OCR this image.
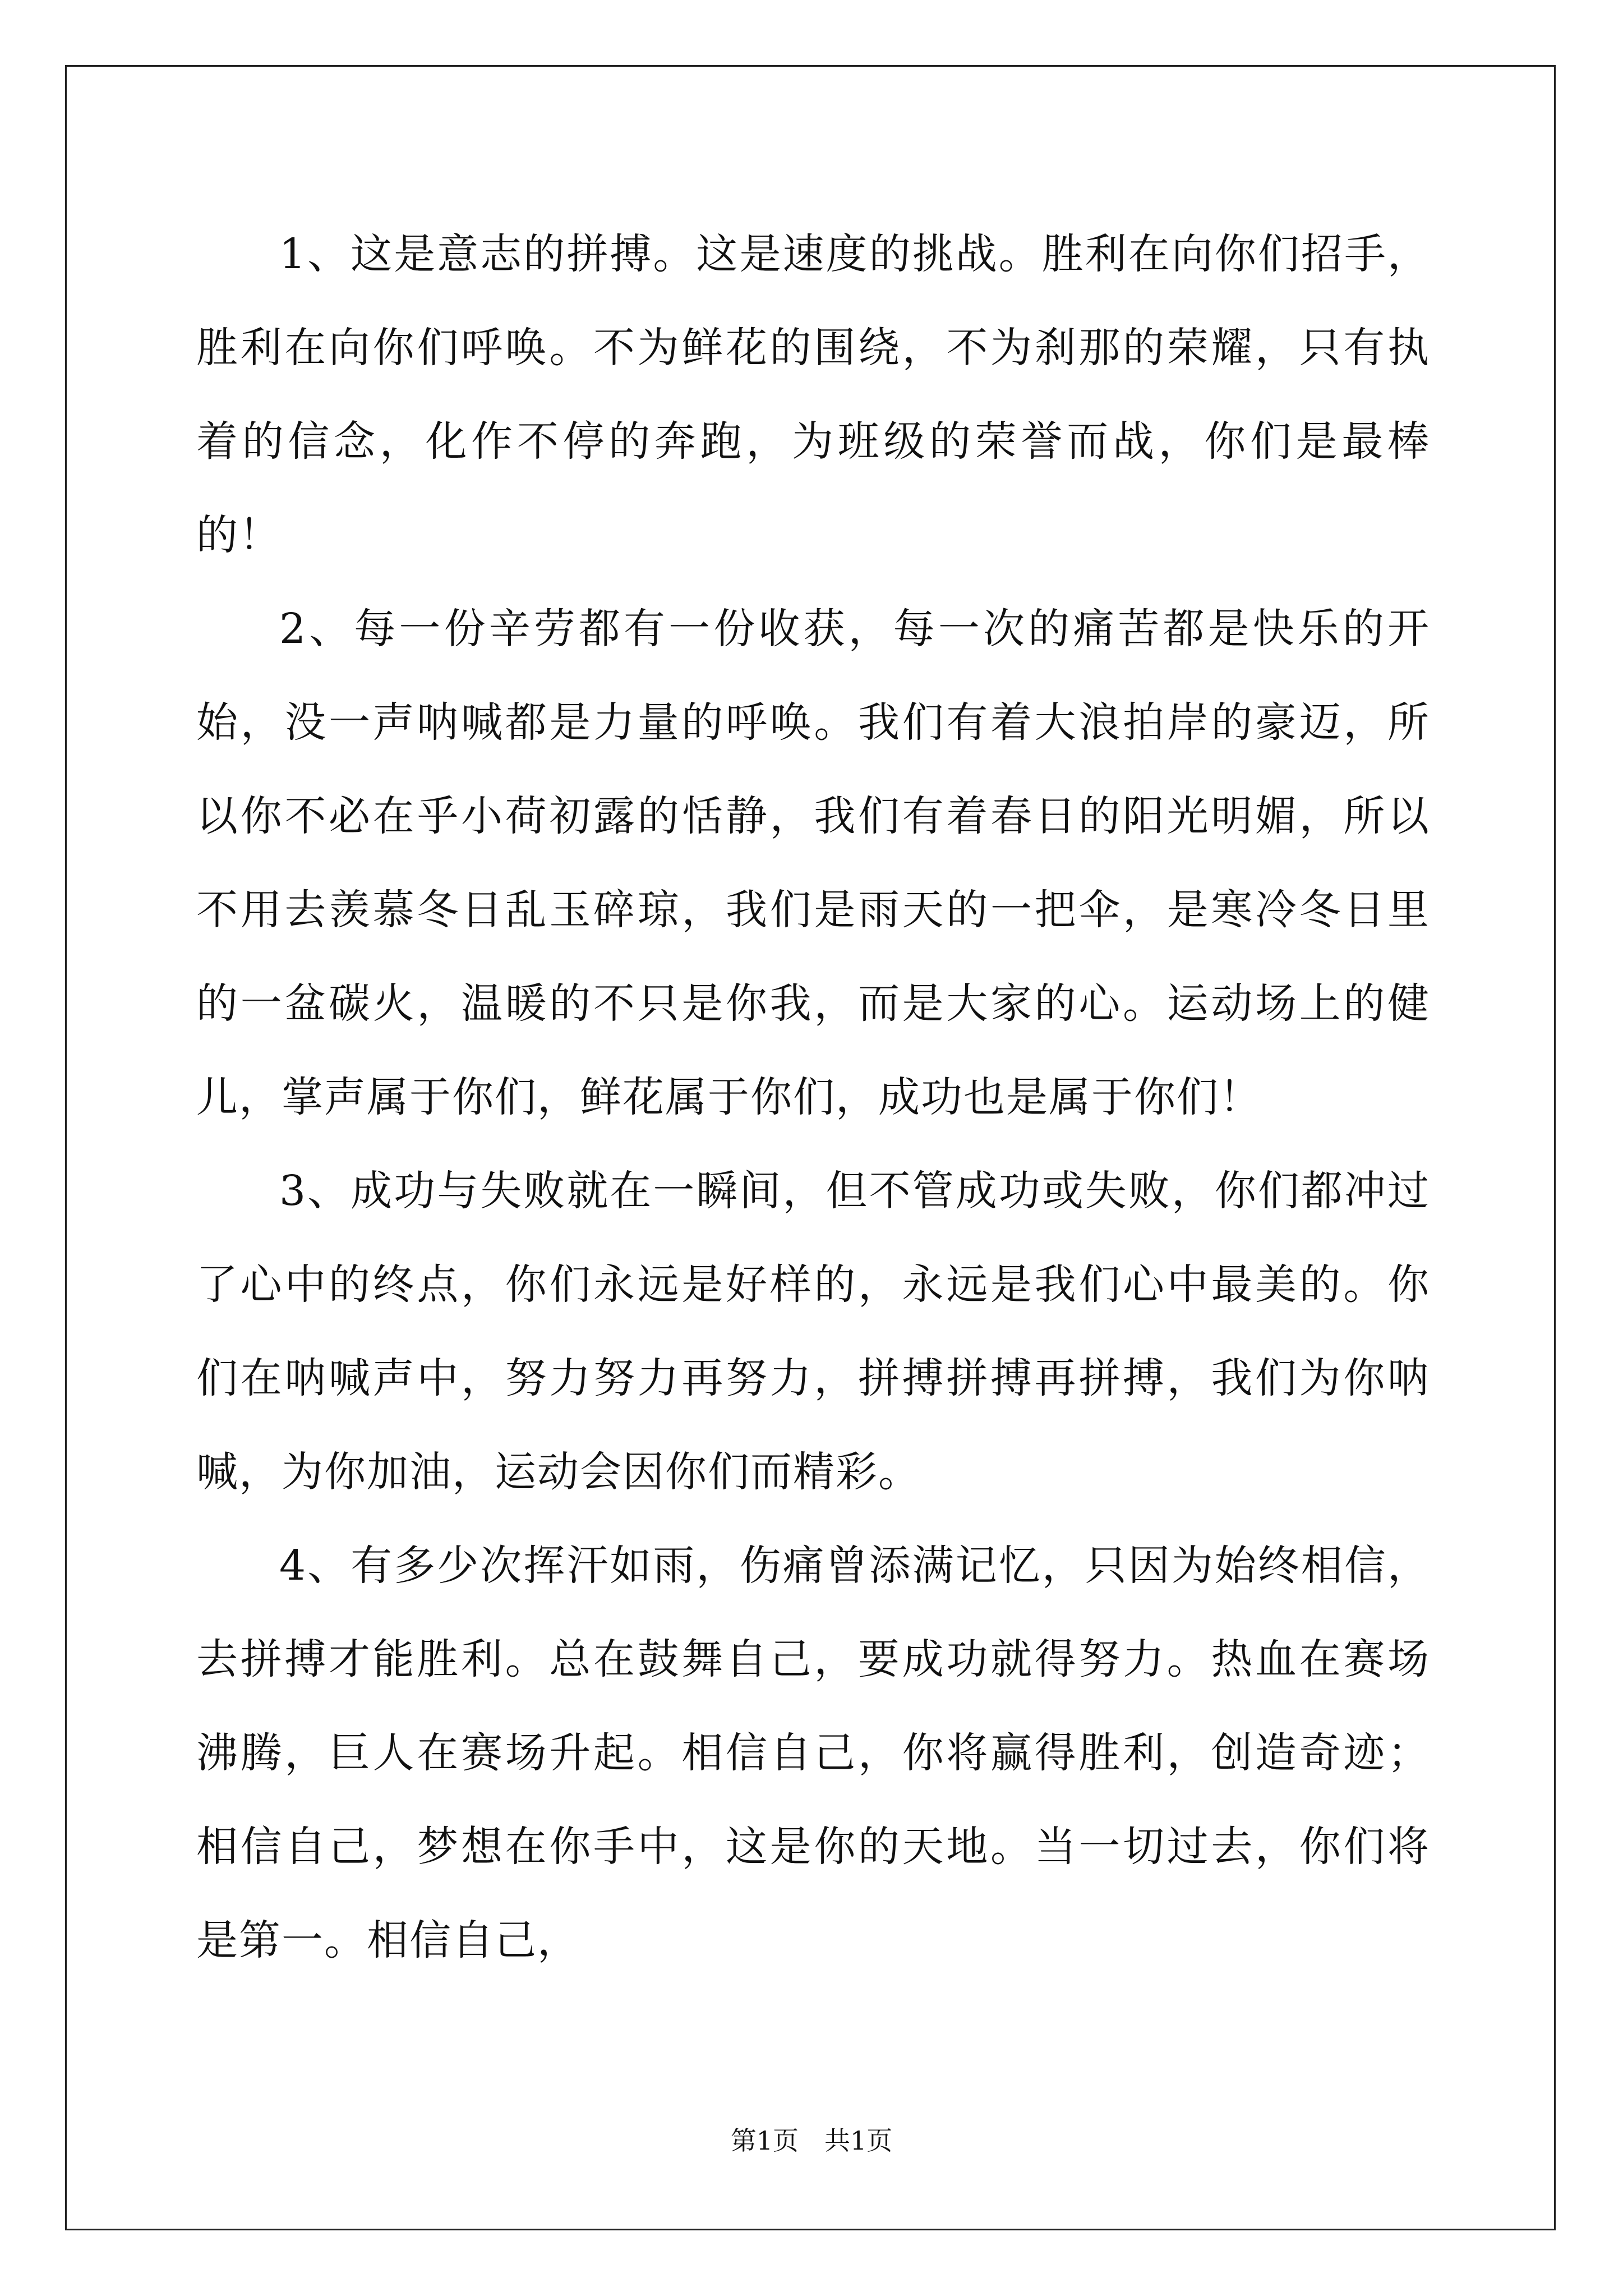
1、这是意志的拼搏。这是速度的挑战。胜利在向你们招手，胜利在向你们呼唤。不为鲜花的围绕，不为刹那的荣耀，只有执着的信念，化作不停的奔跑，为班级的荣誉而战，你们是最棒的！

2、每一份辛劳都有一份收获，每一次的痛苦都是快乐的开始，没一声呐喊都是力量的呼唤。我们有着大浪拍岸的豪迈，所以你不必在乎小荷初露的恬静，我们有着春日的阳光明媚，所以不用去羡慕冬日乱玉碎琼，我们是雨天的一把伞，是寒冷冬日里的一盆碳火，温暖的不只是你我，而是大家的心。运动场上的健儿，掌声属于你们，鲜花属于你们，成功也是属于你们！

3、成功与失败就在一瞬间，但不管成功或失败，你们都冲过了心中的终点，你们永远是好样的，永远是我们心中最美的。你们在呐喊声中，努力努力再努力，拼搏拼搏再拼搏，我们为你呐喊，为你加油，运动会因你们而精彩。

4、有多少次挥汗如雨，伤痛曾添满记忆，只因为始终相信，去拼搏才能胜利。总在鼓舞自己，要成功就得努力。热血在赛场沸腾，巨人在赛场升起。相信自己，你将赢得胜利，创造奇迹；相信自己，梦想在你手中，这是你的天地。当一切过去，你们将是第一。相信自己，

第1页　共1页
